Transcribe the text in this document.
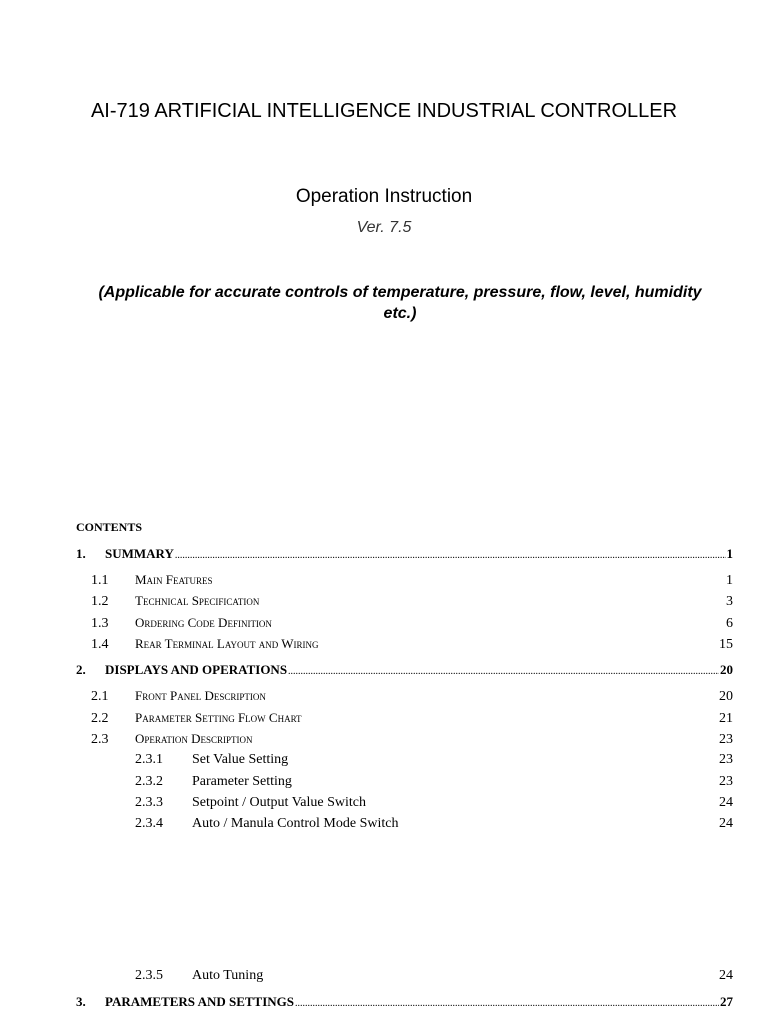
AI-719 ARTIFICIAL INTELLIGENCE INDUSTRIAL CONTROLLER
Operation Instruction
Ver. 7.5
(Applicable for accurate controls of temperature, pressure, flow, level, humidity etc.)
CONTENTS
1.	SUMMARY .....	1
1.1	Main Features	1
1.2	Technical Specification	3
1.3	Ordering Code Definition	6
1.4	Rear Terminal Layout and Wiring	15
2.	DISPLAYS AND OPERATIONS .....	20
2.1	Front Panel Description	20
2.2	Parameter Setting Flow Chart	21
2.3	Operation Description	23
2.3.1	Set Value Setting	23
2.3.2	Parameter Setting	23
2.3.3	Setpoint / Output Value Switch	24
2.3.4	Auto / Manula Control Mode Switch	24
2.3.5	Auto Tuning	24
3.	PARAMETERS AND SETTINGS .....	27
